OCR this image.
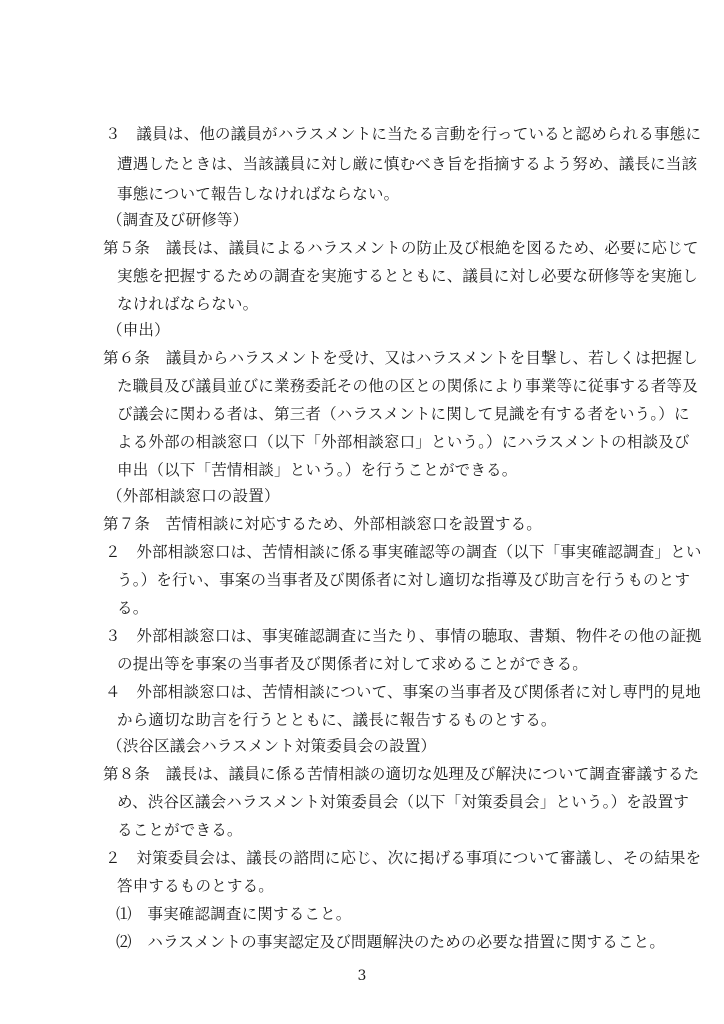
３　議員は、他の議員がハラスメントに当たる言動を行っていると認められる事態に
遭遇したときは、当該議員に対し厳に慎むべき旨を指摘するよう努め、議長に当該
事態について報告しなければならない。
（調査及び研修等）
第５条　議長は、議員によるハラスメントの防止及び根絶を図るため、必要に応じて
実態を把握するための調査を実施するとともに、議員に対し必要な研修等を実施し
なければならない。
（申出）
第６条　議員からハラスメントを受け、又はハラスメントを目撃し、若しくは把握し
た職員及び議員並びに業務委託その他の区との関係により事業等に従事する者等及
び議会に関わる者は、第三者（ハラスメントに関して見識を有する者をいう。）に
よる外部の相談窓口（以下「外部相談窓口」という。）にハラスメントの相談及び
申出（以下「苦情相談」という。）を行うことができる。
（外部相談窓口の設置）
第７条　苦情相談に対応するため、外部相談窓口を設置する。
２　外部相談窓口は、苦情相談に係る事実確認等の調査（以下「事実確認調査」とい
う。）を行い、事案の当事者及び関係者に対し適切な指導及び助言を行うものとす
る。
３　外部相談窓口は、事実確認調査に当たり、事情の聴取、書類、物件その他の証拠
の提出等を事案の当事者及び関係者に対して求めることができる。
４　外部相談窓口は、苦情相談について、事案の当事者及び関係者に対し専門的見地
から適切な助言を行うとともに、議長に報告するものとする。
（渋谷区議会ハラスメント対策委員会の設置）
第８条　議長は、議員に係る苦情相談の適切な処理及び解決について調査審議するた
め、渋谷区議会ハラスメント対策委員会（以下「対策委員会」という。）を設置す
ることができる。
２　対策委員会は、議長の諮問に応じ、次に掲げる事項について審議し、その結果を
答申するものとする。
⑴　事実確認調査に関すること。
⑵　ハラスメントの事実認定及び問題解決のための必要な措置に関すること。
3
